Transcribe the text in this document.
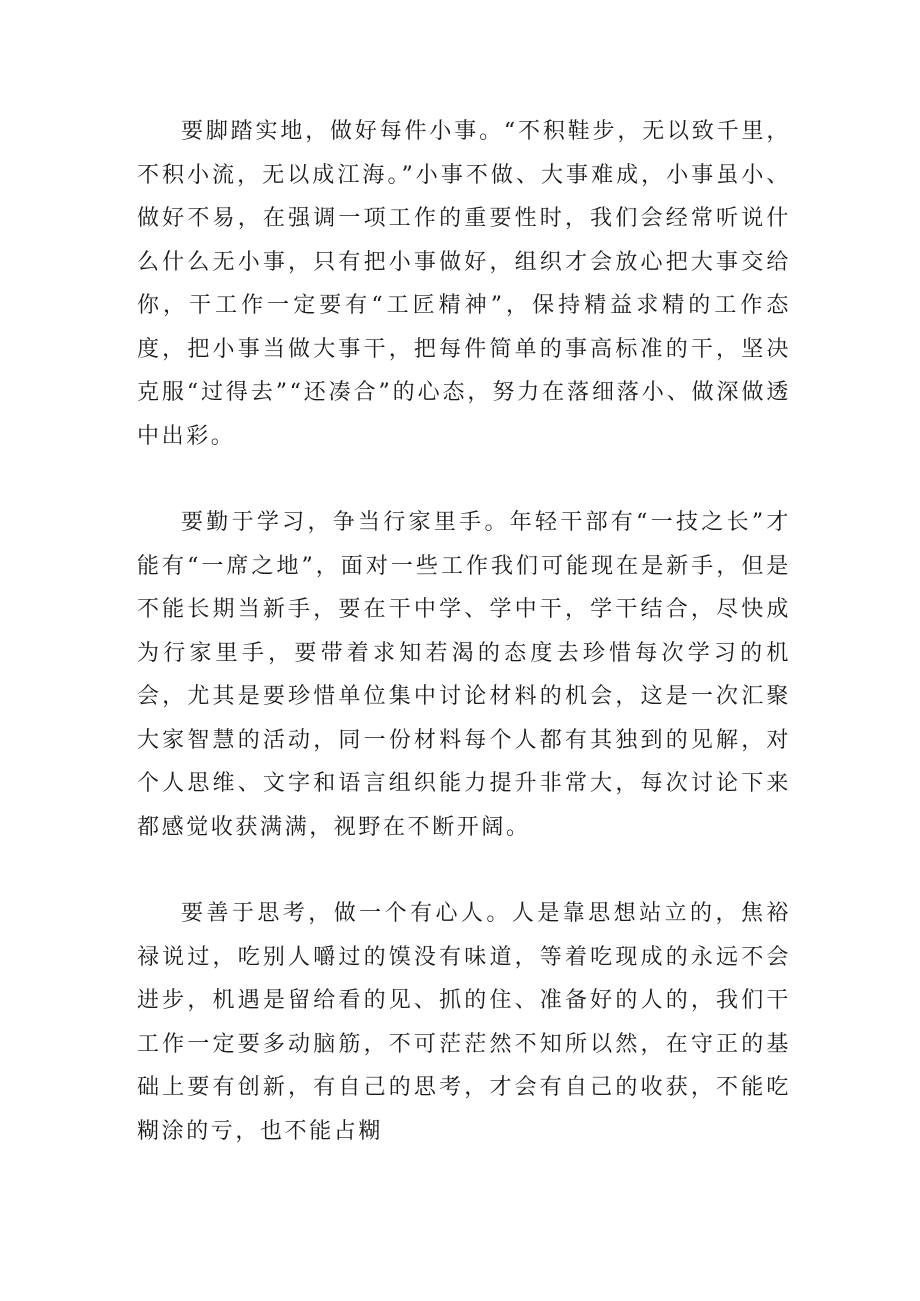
要脚踏实地，做好每件小事。“不积鞋步，无以致千里，不积小流，无以成江海。”小事不做、大事难成，小事虽小、做好不易，在强调一项工作的重要性时，我们会经常听说什么什么无小事，只有把小事做好，组织才会放心把大事交给你，干工作一定要有“工匠精神”，保持精益求精的工作态度，把小事当做大事干，把每件简单的事高标准的干，坚决克服“过得去”“还凑合”的心态，努力在落细落小、做深做透中出彩。

要勤于学习，争当行家里手。年轻干部有“一技之长”才能有“一席之地”，面对一些工作我们可能现在是新手，但是不能长期当新手，要在干中学、学中干，学干结合，尽快成为行家里手，要带着求知若渴的态度去珍惜每次学习的机会，尤其是要珍惜单位集中讨论材料的机会，这是一次汇聚大家智慧的活动，同一份材料每个人都有其独到的见解，对个人思维、文字和语言组织能力提升非常大，每次讨论下来都感觉收获满满，视野在不断开阔。

要善于思考，做一个有心人。人是靠思想站立的，焦裕禄说过，吃别人嚼过的馍没有味道，等着吃现成的永远不会进步，机遇是留给看的见、抓的住、准备好的人的，我们干工作一定要多动脑筋，不可茫茫然不知所以然，在守正的基础上要有创新，有自己的思考，才会有自己的收获，不能吃糊涂的亏，也不能占糊
